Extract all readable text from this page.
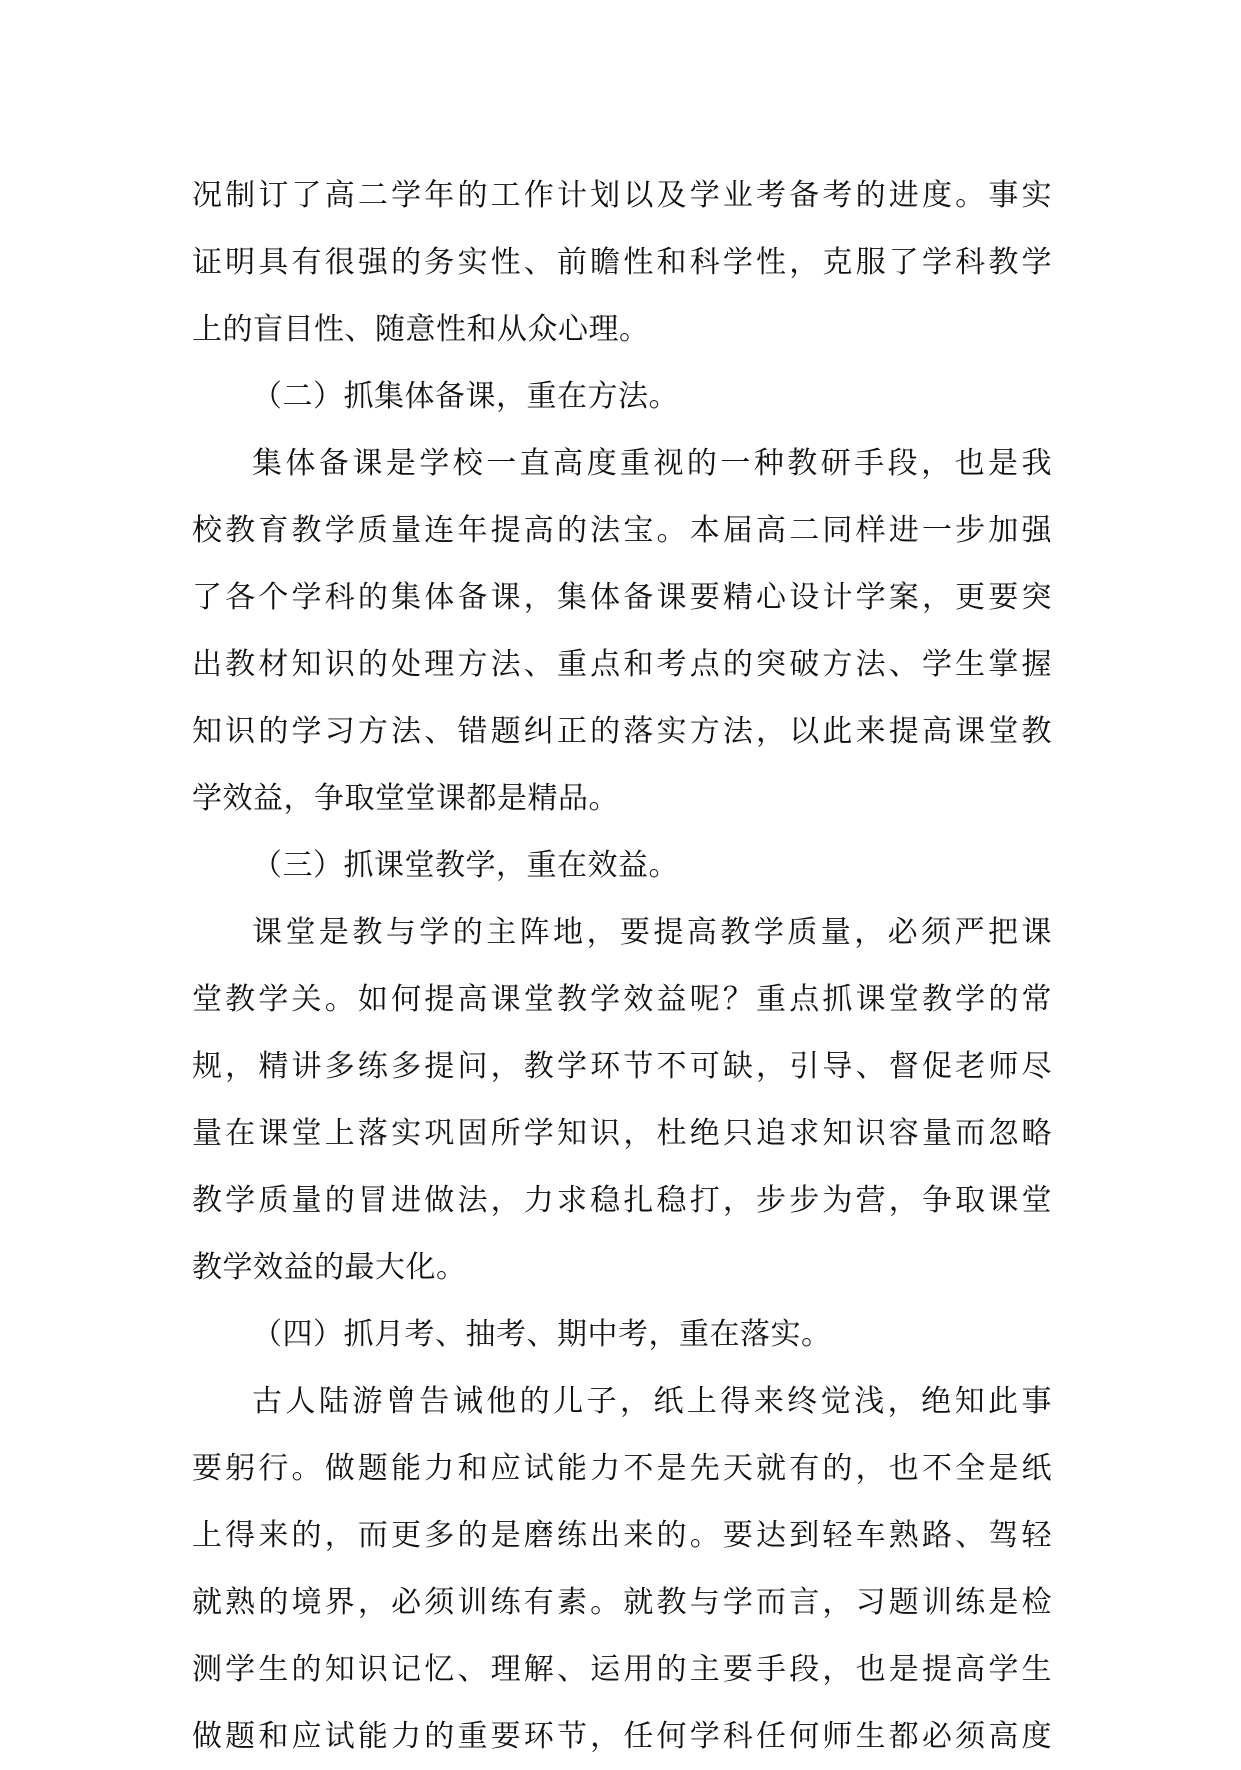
况制订了高二学年的工作计划以及学业考备考的进度。事实
证明具有很强的务实性、前瞻性和科学性，克服了学科教学
上的盲目性、随意性和从众心理。
（二）抓集体备课，重在方法。
集体备课是学校一直高度重视的一种教研手段，也是我
校教育教学质量连年提高的法宝。本届高二同样进一步加强
了各个学科的集体备课，集体备课要精心设计学案，更要突
出教材知识的处理方法、重点和考点的突破方法、学生掌握
知识的学习方法、错题纠正的落实方法，以此来提高课堂教
学效益，争取堂堂课都是精品。
（三）抓课堂教学，重在效益。
课堂是教与学的主阵地，要提高教学质量，必须严把课
堂教学关。如何提高课堂教学效益呢？重点抓课堂教学的常
规，精讲多练多提问，教学环节不可缺，引导、督促老师尽
量在课堂上落实巩固所学知识，杜绝只追求知识容量而忽略
教学质量的冒进做法，力求稳扎稳打，步步为营，争取课堂
教学效益的最大化。
（四）抓月考、抽考、期中考，重在落实。
古人陆游曾告诫他的儿子，纸上得来终觉浅，绝知此事
要躬行。做题能力和应试能力不是先天就有的，也不全是纸
上得来的，而更多的是磨练出来的。要达到轻车熟路、驾轻
就熟的境界，必须训练有素。就教与学而言，习题训练是检
测学生的知识记忆、理解、运用的主要手段，也是提高学生
做题和应试能力的重要环节，任何学科任何师生都必须高度
